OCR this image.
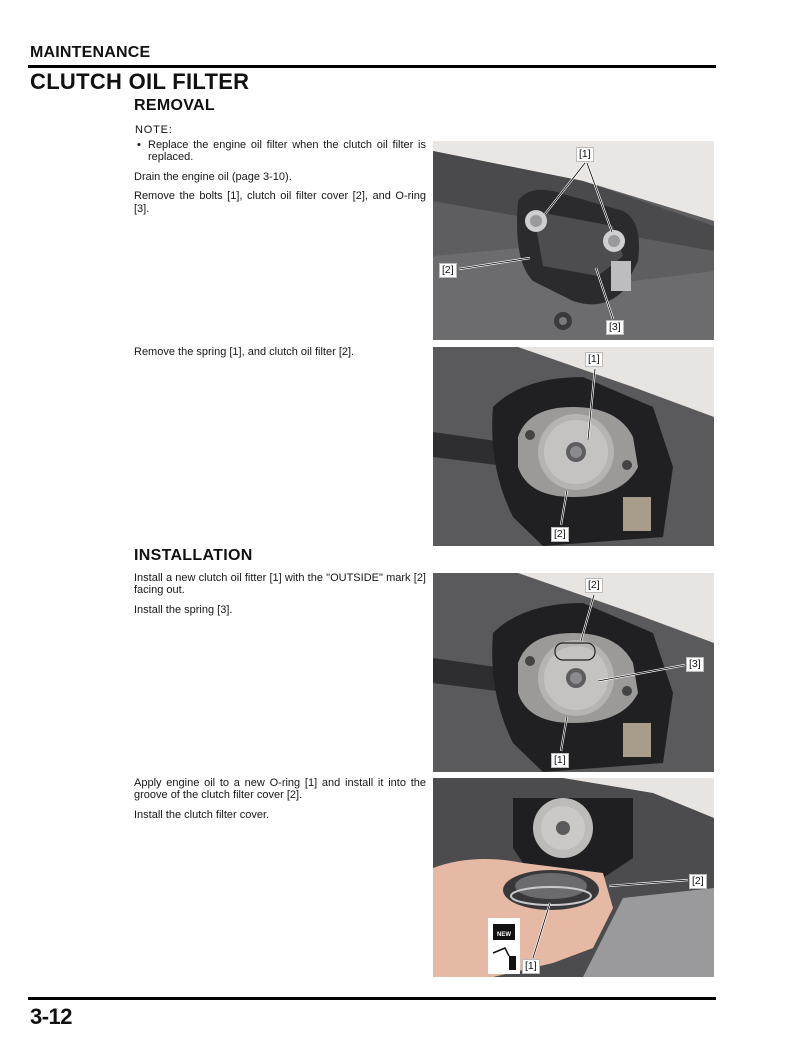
MAINTENANCE
CLUTCH OIL FILTER
REMOVAL
NOTE:

• Replace the engine oil filter when the clutch oil filter is replaced.

Drain the engine oil (page 3-10).

Remove the bolts [1], clutch oil filter cover [2], and O-ring [3].

Remove the spring [1], and clutch oil filter [2].

INSTALLATION

Install a new clutch oil fitter [1] with the "OUTSIDE" mark [2] facing out.

Install the spring [3].

Apply engine oil to a new O-ring [1] and install it into the groove of the clutch filter cover [2].

Install the clutch filter cover.

[1]
[2]
[3]
[1]
[2]
[2]
[3]
[1]
NEW
[2]
[1]
3-12
